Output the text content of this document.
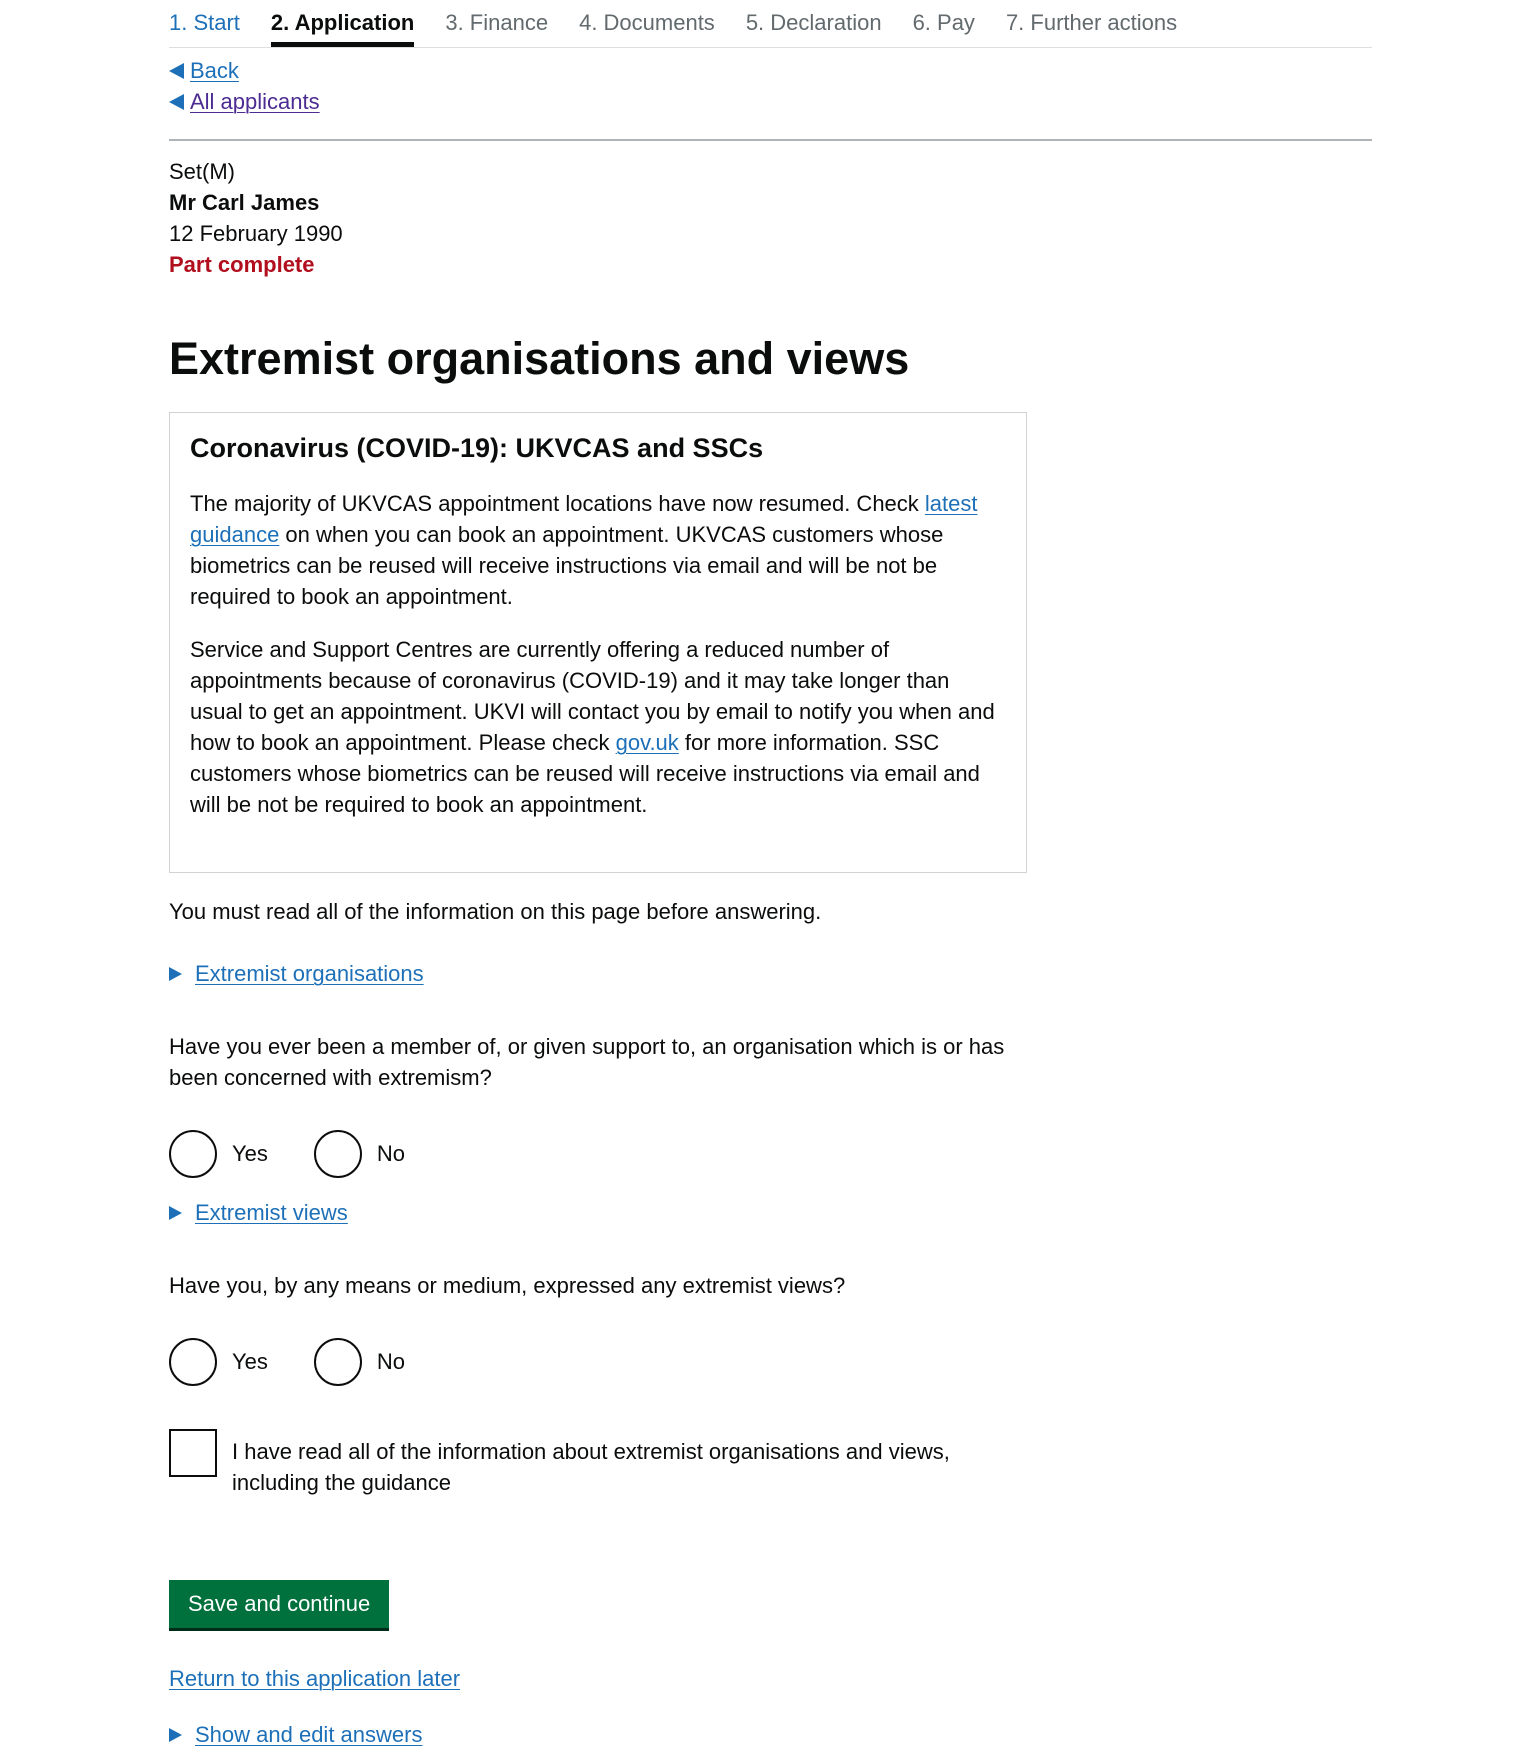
1. Start 2. Application 3. Finance 4. Documents 5. Declaration 6. Pay 7. Further actions
Back
All applicants
Set(M)
Mr Carl James
12 February 1990
Part complete
Extremist organisations and views
Coronavirus (COVID-19): UKVCAS and SSCs

The majority of UKVCAS appointment locations have now resumed. Check latest guidance on when you can book an appointment. UKVCAS customers whose biometrics can be reused will receive instructions via email and will be not be required to book an appointment.

Service and Support Centres are currently offering a reduced number of appointments because of coronavirus (COVID-19) and it may take longer than usual to get an appointment. UKVI will contact you by email to notify you when and how to book an appointment. Please check gov.uk for more information. SSC customers whose biometrics can be reused will receive instructions via email and will be not be required to book an appointment.

You must read all of the information on this page before answering.
Extremist organisations
Have you ever been a member of, or given support to, an organisation which is or has been concerned with extremism?
Yes	No
Extremist views
Have you, by any means or medium, expressed any extremist views?
Yes	No
I have read all of the information about extremist organisations and views, including the guidance
Save and continue
Return to this application later
Show and edit answers
